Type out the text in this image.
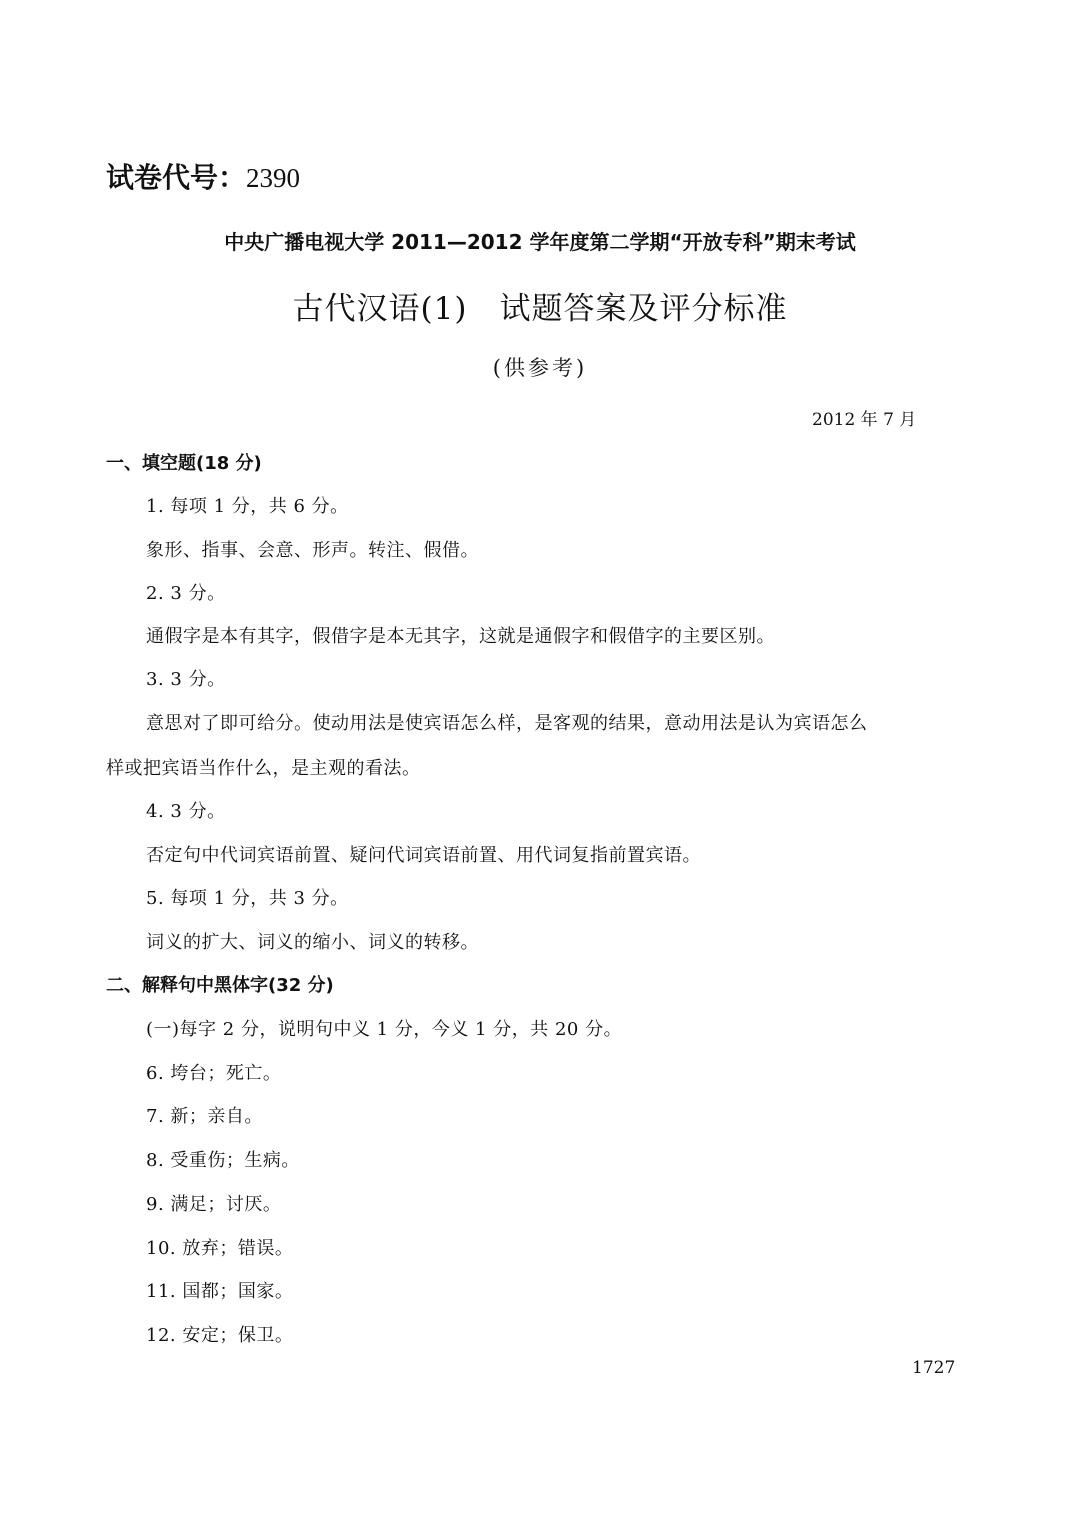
试卷代号：2390
中央广播电视大学 2011—2012 学年度第二学期“开放专科”期末考试
古代汉语(1)　试题答案及评分标准
(供参考)
2012 年 7 月
一、填空题(18 分)
1. 每项 1 分，共 6 分。
象形、指事、会意、形声。转注、假借。
2. 3 分。
通假字是本有其字，假借字是本无其字，这就是通假字和假借字的主要区别。
3. 3 分。
意思对了即可给分。使动用法是使宾语怎么样，是客观的结果，意动用法是认为宾语怎么
样或把宾语当作什么，是主观的看法。
4. 3 分。
否定句中代词宾语前置、疑问代词宾语前置、用代词复指前置宾语。
5. 每项 1 分，共 3 分。
词义的扩大、词义的缩小、词义的转移。
二、解释句中黑体字(32 分)
(一)每字 2 分，说明句中义 1 分，今义 1 分，共 20 分。
6. 垮台；死亡。
7. 新；亲自。
8. 受重伤；生病。
9. 满足；讨厌。
10. 放弃；错误。
11. 国都；国家。
12. 安定；保卫。
1727
